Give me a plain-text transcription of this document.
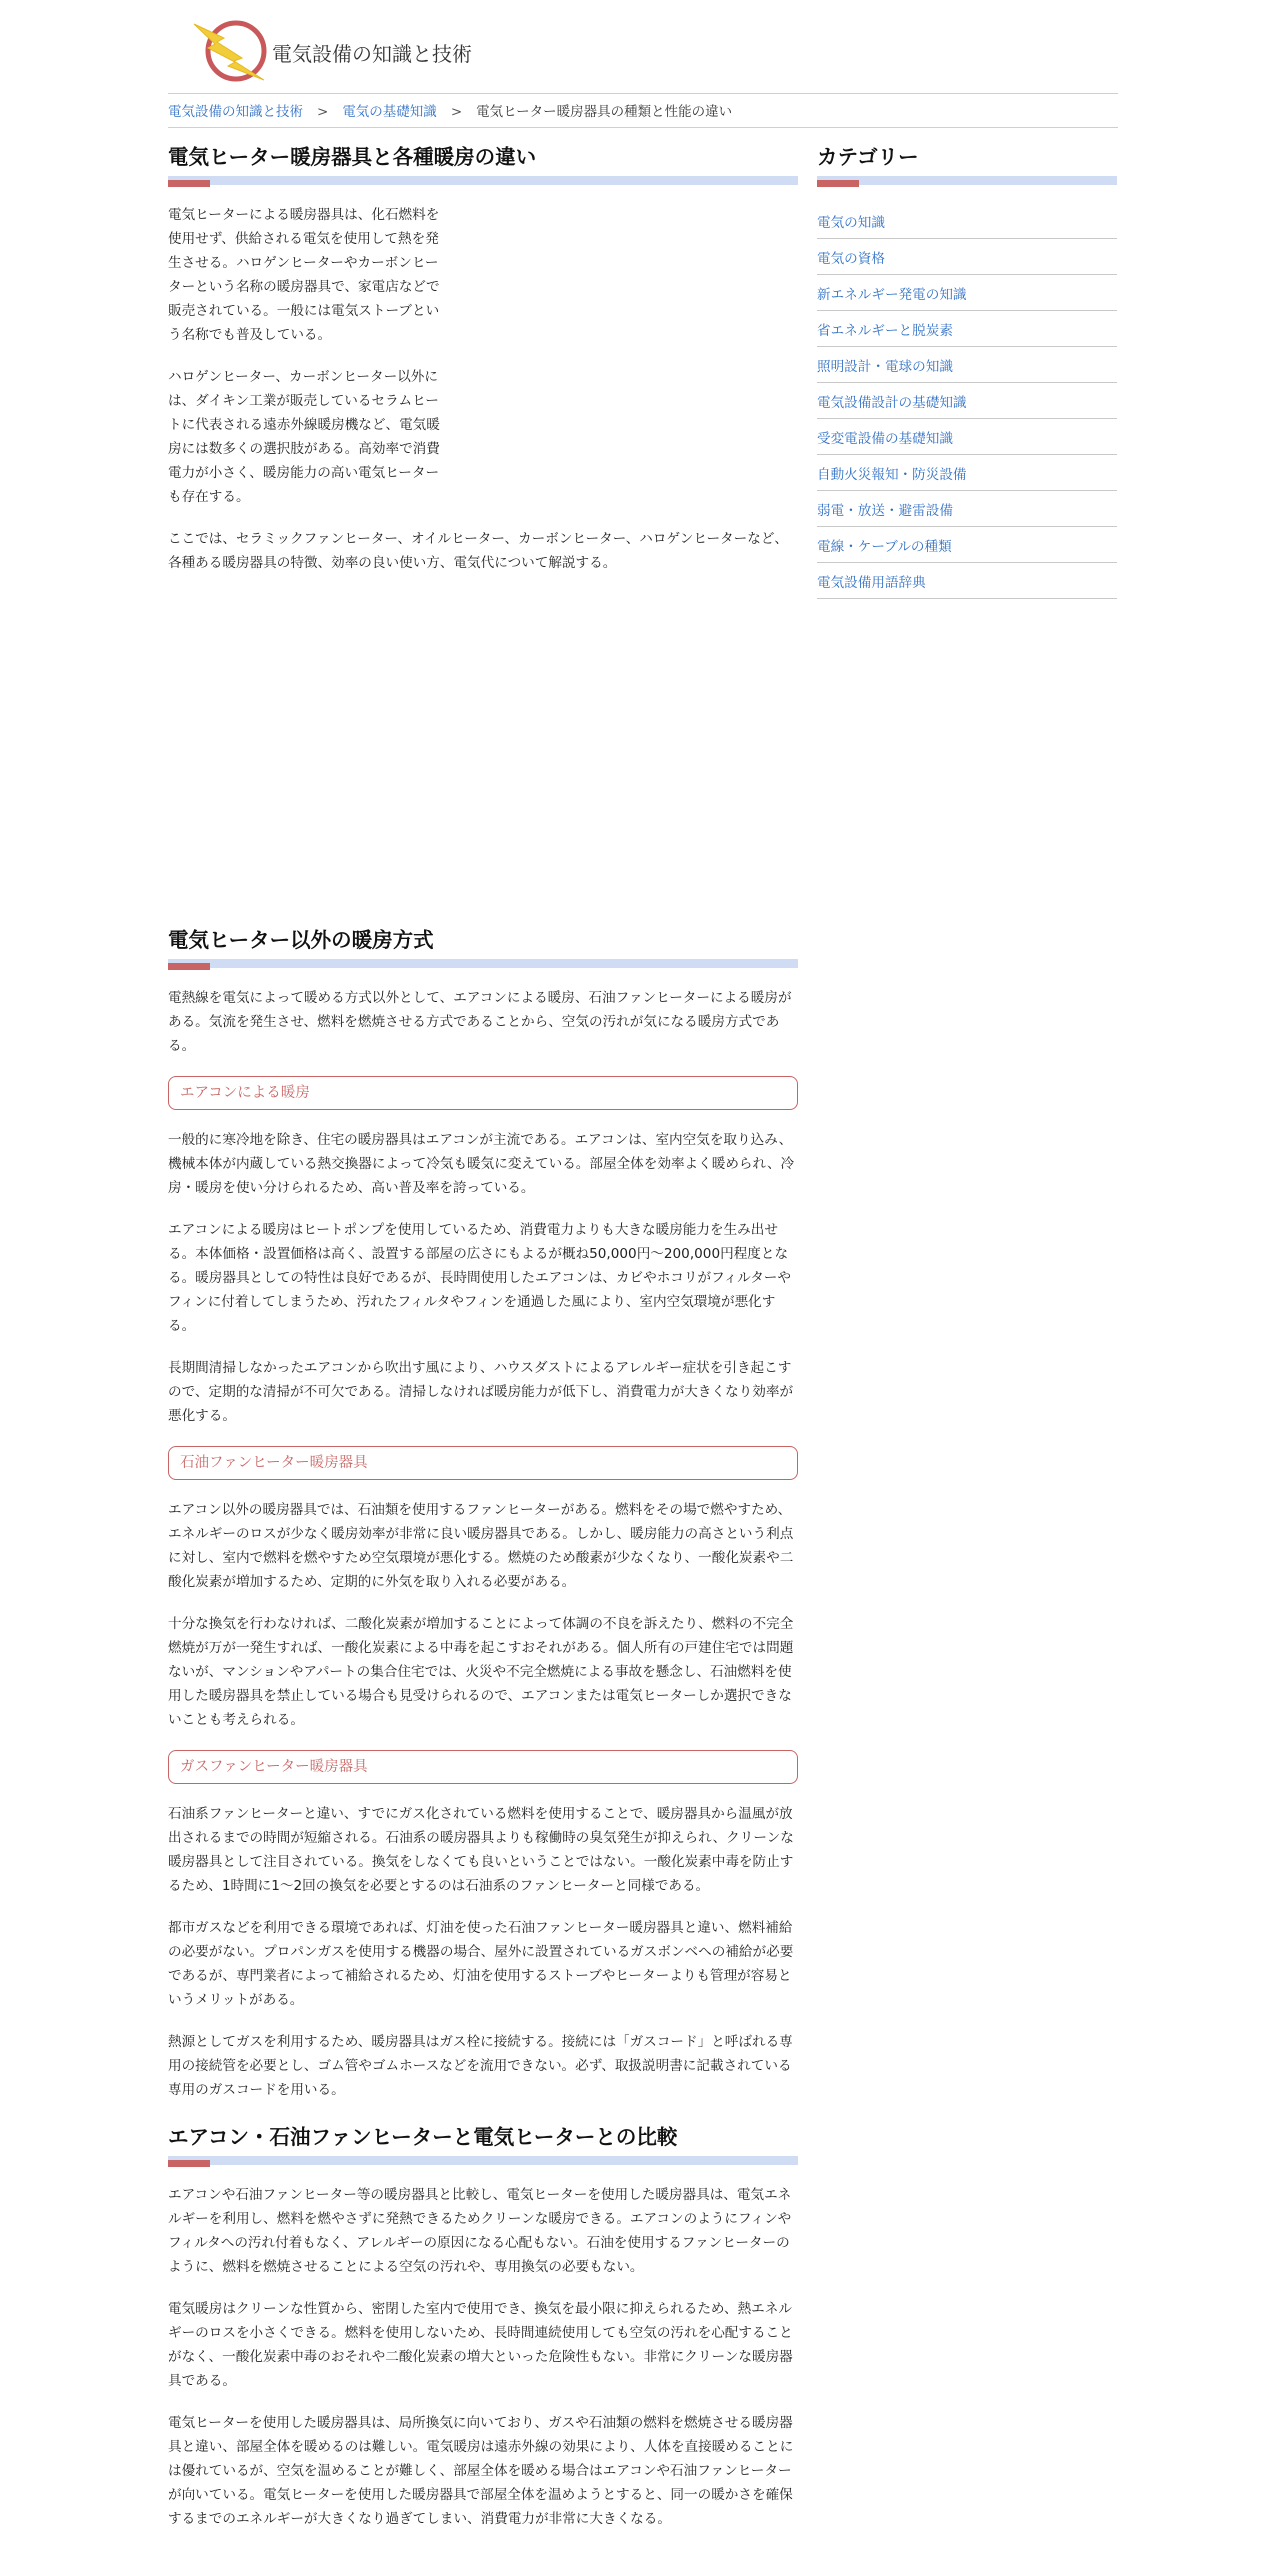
電気設備の知識と技術
電気設備の知識と技術 > 電気の基礎知識 > 電気ヒーター暖房器具の種類と性能の違い
電気ヒーター暖房器具と各種暖房の違い

電気ヒーターによる暖房器具は、化石燃料を使用せず、供給される電気を使用して熱を発生させる。ハロゲンヒーターやカーボンヒーターという名称の暖房器具で、家電店などで販売されている。一般には電気ストーブという名称でも普及している。

ハロゲンヒーター、カーボンヒーター以外には、ダイキン工業が販売しているセラムヒートに代表される遠赤外線暖房機など、電気暖房には数多くの選択肢がある。高効率で消費電力が小さく、暖房能力の高い電気ヒーターも存在する。

ここでは、セラミックファンヒーター、オイルヒーター、カーボンヒーター、ハロゲンヒーターなど、各種ある暖房器具の特徴、効率の良い使い方、電気代について解説する。

電気ヒーター以外の暖房方式

電熱線を電気によって暖める方式以外として、エアコンによる暖房、石油ファンヒーターによる暖房がある。気流を発生させ、燃料を燃焼させる方式であることから、空気の汚れが気になる暖房方式である。

エアコンによる暖房

一般的に寒冷地を除き、住宅の暖房器具はエアコンが主流である。エアコンは、室内空気を取り込み、機械本体が内蔵している熱交換器によって冷気も暖気に変えている。部屋全体を効率よく暖められ、冷房・暖房を使い分けられるため、高い普及率を誇っている。

エアコンによる暖房はヒートポンプを使用しているため、消費電力よりも大きな暖房能力を生み出せる。本体価格・設置価格は高く、設置する部屋の広さにもよるが概ね50,000円～200,000円程度となる。暖房器具としての特性は良好であるが、長時間使用したエアコンは、カビやホコリがフィルターやフィンに付着してしまうため、汚れたフィルタやフィンを通過した風により、室内空気環境が悪化する。

長期間清掃しなかったエアコンから吹出す風により、ハウスダストによるアレルギー症状を引き起こすので、定期的な清掃が不可欠である。清掃しなければ暖房能力が低下し、消費電力が大きくなり効率が悪化する。

石油ファンヒーター暖房器具

エアコン以外の暖房器具では、石油類を使用するファンヒーターがある。燃料をその場で燃やすため、エネルギーのロスが少なく暖房効率が非常に良い暖房器具である。しかし、暖房能力の高さという利点に対し、室内で燃料を燃やすため空気環境が悪化する。燃焼のため酸素が少なくなり、一酸化炭素や二酸化炭素が増加するため、定期的に外気を取り入れる必要がある。

十分な換気を行わなければ、二酸化炭素が増加することによって体調の不良を訴えたり、燃料の不完全燃焼が万が一発生すれば、一酸化炭素による中毒を起こすおそれがある。個人所有の戸建住宅では問題ないが、マンションやアパートの集合住宅では、火災や不完全燃焼による事故を懸念し、石油燃料を使用した暖房器具を禁止している場合も見受けられるので、エアコンまたは電気ヒーターしか選択できないことも考えられる。

ガスファンヒーター暖房器具

石油系ファンヒーターと違い、すでにガス化されている燃料を使用することで、暖房器具から温風が放出されるまでの時間が短縮される。石油系の暖房器具よりも稼働時の臭気発生が抑えられ、クリーンな暖房器具として注目されている。換気をしなくても良いということではない。一酸化炭素中毒を防止するため、1時間に1～2回の換気を必要とするのは石油系のファンヒーターと同様である。

都市ガスなどを利用できる環境であれば、灯油を使った石油ファンヒーター暖房器具と違い、燃料補給の必要がない。プロパンガスを使用する機器の場合、屋外に設置されているガスボンベへの補給が必要であるが、専門業者によって補給されるため、灯油を使用するストーブやヒーターよりも管理が容易というメリットがある。

熱源としてガスを利用するため、暖房器具はガス栓に接続する。接続には「ガスコード」と呼ばれる専用の接続管を必要とし、ゴム管やゴムホースなどを流用できない。必ず、取扱説明書に記載されている専用のガスコードを用いる。

エアコン・石油ファンヒーターと電気ヒーターとの比較

エアコンや石油ファンヒーター等の暖房器具と比較し、電気ヒーターを使用した暖房器具は、電気エネルギーを利用し、燃料を燃やさずに発熱できるためクリーンな暖房できる。エアコンのようにフィンやフィルタへの汚れ付着もなく、アレルギーの原因になる心配もない。石油を使用するファンヒーターのように、燃料を燃焼させることによる空気の汚れや、専用換気の必要もない。

電気暖房はクリーンな性質から、密閉した室内で使用でき、換気を最小限に抑えられるため、熱エネルギーのロスを小さくできる。燃料を使用しないため、長時間連続使用しても空気の汚れを心配することがなく、一酸化炭素中毒のおそれや二酸化炭素の増大といった危険性もない。非常にクリーンな暖房器具である。

電気ヒーターを使用した暖房器具は、局所換気に向いており、ガスや石油類の燃料を燃焼させる暖房器具と違い、部屋全体を暖めるのは難しい。電気暖房は遠赤外線の効果により、人体を直接暖めることには優れているが、空気を温めることが難しく、部屋全体を暖める場合はエアコンや石油ファンヒーターが向いている。電気ヒーターを使用した暖房器具で部屋全体を温めようとすると、同一の暖かさを確保するまでのエネルギーが大きくなり過ぎてしまい、消費電力が非常に大きくなる。

カテゴリー
電気の知識
電気の資格
新エネルギー発電の知識
省エネルギーと脱炭素
照明設計・電球の知識
電気設備設計の基礎知識
受変電設備の基礎知識
自動火災報知・防災設備
弱電・放送・避雷設備
電線・ケーブルの種類
電気設備用語辞典
